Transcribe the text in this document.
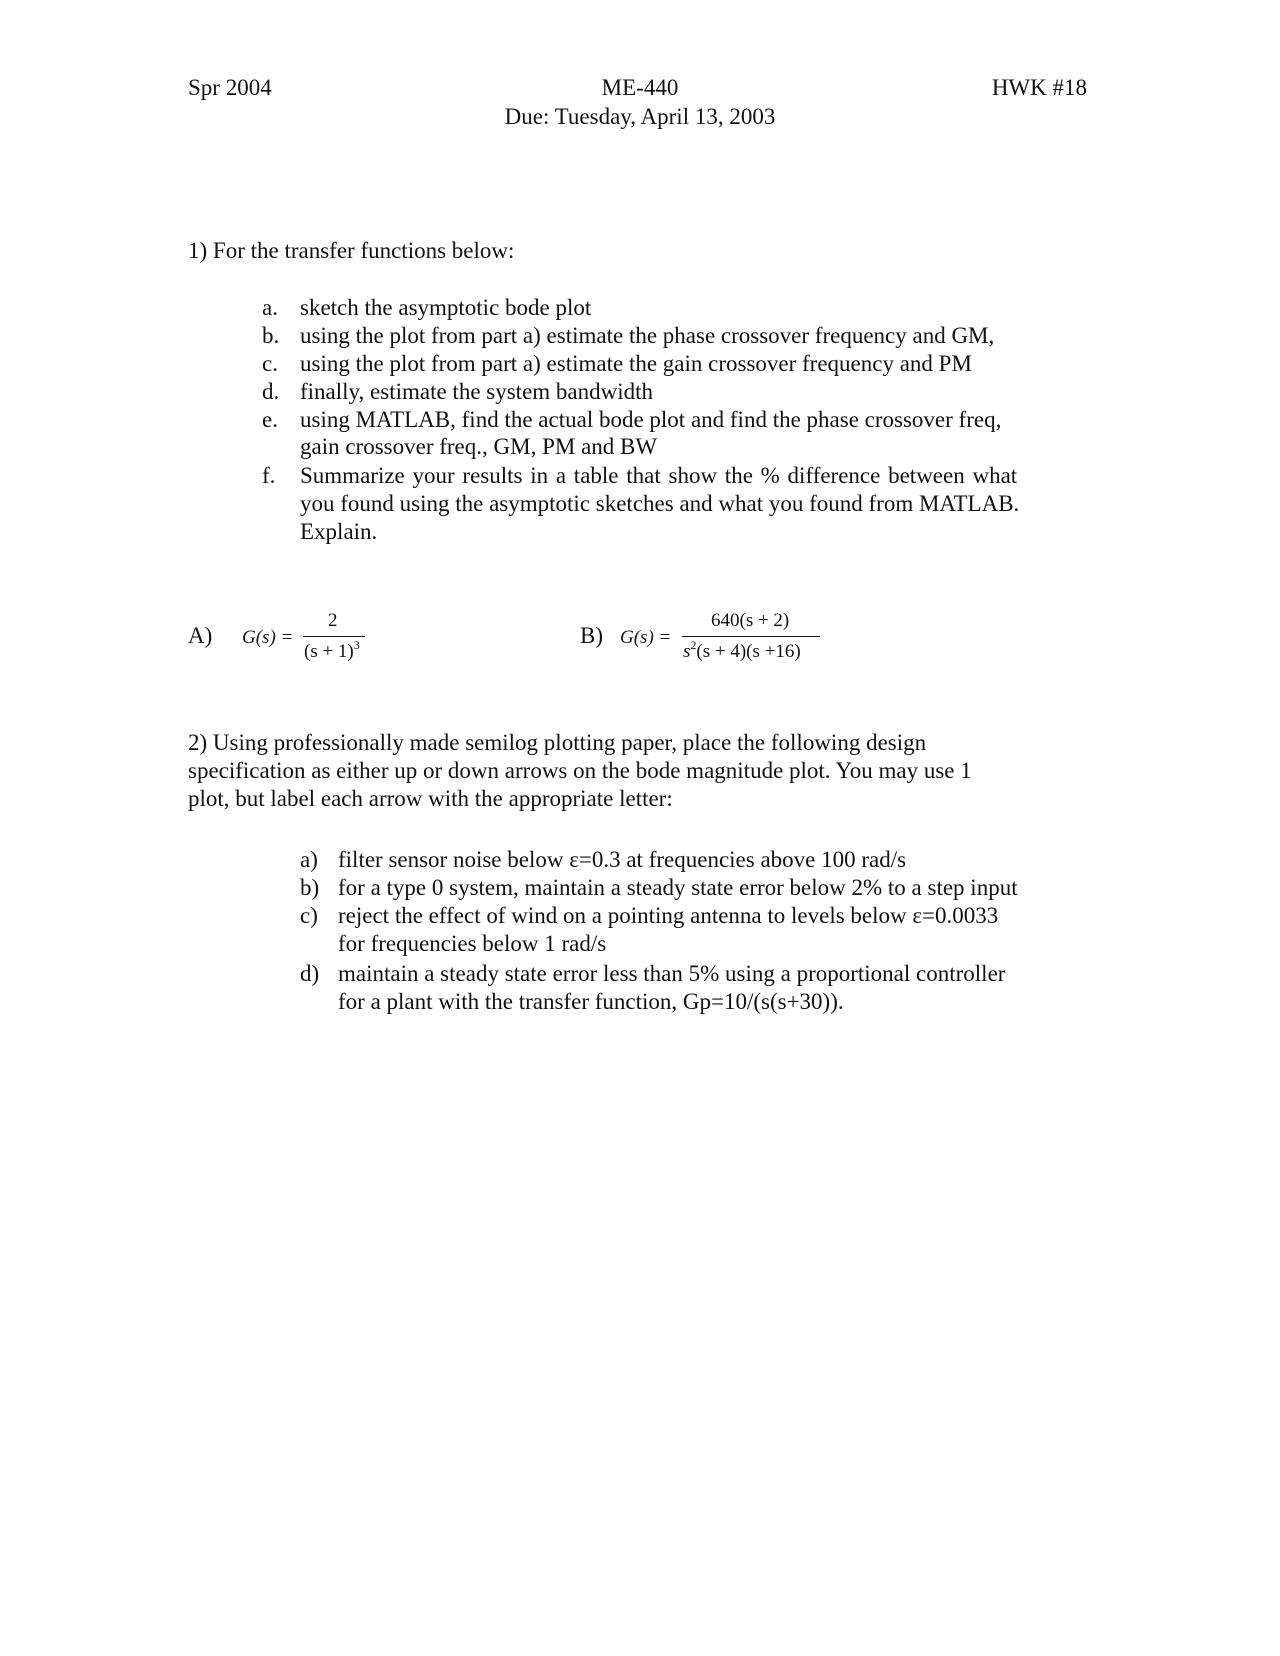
Spr 2004	ME-440
Due: Tuesday, April 13, 2003
HWK #18
1) For the transfer functions below:
a. sketch the asymptotic bode plot
b. using the plot from part a) estimate the phase crossover frequency and GM,
c. using the plot from part a) estimate the gain crossover frequency and PM
d. finally, estimate the system bandwidth
e. using MATLAB, find the actual bode plot and find the phase crossover freq,
gain crossover freq., GM, PM and BW
f. Summarize your results in a table that show the % difference between what
you found using the asymptotic sketches and what you found from MATLAB.
Explain.
A) G(s) =
2
$(s + 1)^3$	B) G(s) =
640(s + 2)
$s^2(s + 4)(s +16)$
2) Using professionally made semilog plotting paper, place the following design
specification as either up or down arrows on the bode magnitude plot. You may use 1
plot, but label each arrow with the appropriate letter:
a) filter sensor noise below ε=0.3 at frequencies above 100 rad/s
b) for a type 0 system, maintain a steady state error below 2% to a step input
c) reject the effect of wind on a pointing antenna to levels below ε=0.0033
for frequencies below 1 rad/s
d) maintain a steady state error less than 5% using a proportional controller
for a plant with the transfer function, Gp=10/(s(s+30)).
